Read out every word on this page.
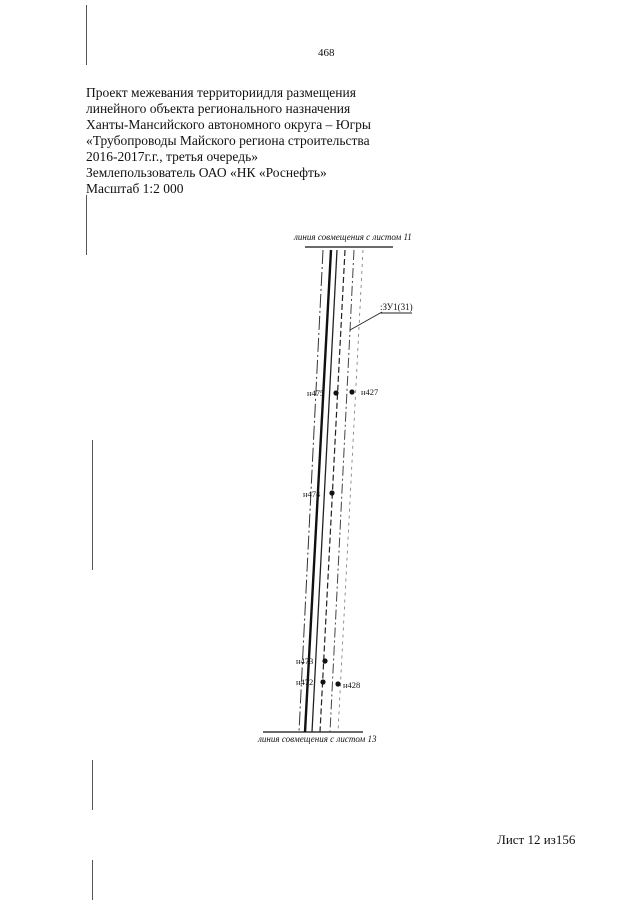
468
Проект межевания территориидля размещения
линейного объекта регионального назначения
Ханты-Мансийского автономного округа – Югры
«Трубопроводы Майского региона строительства
2016-2017г.г., третья очередь»
Землепользователь ОАО «НК «Роснефть»
Масштаб 1:2 000
линия совмещения с листом 11
линия совмещения с листом 13
:ЗУ1(31)
н475	н427
н474
н473
н472	н428
Лист 12 из156
